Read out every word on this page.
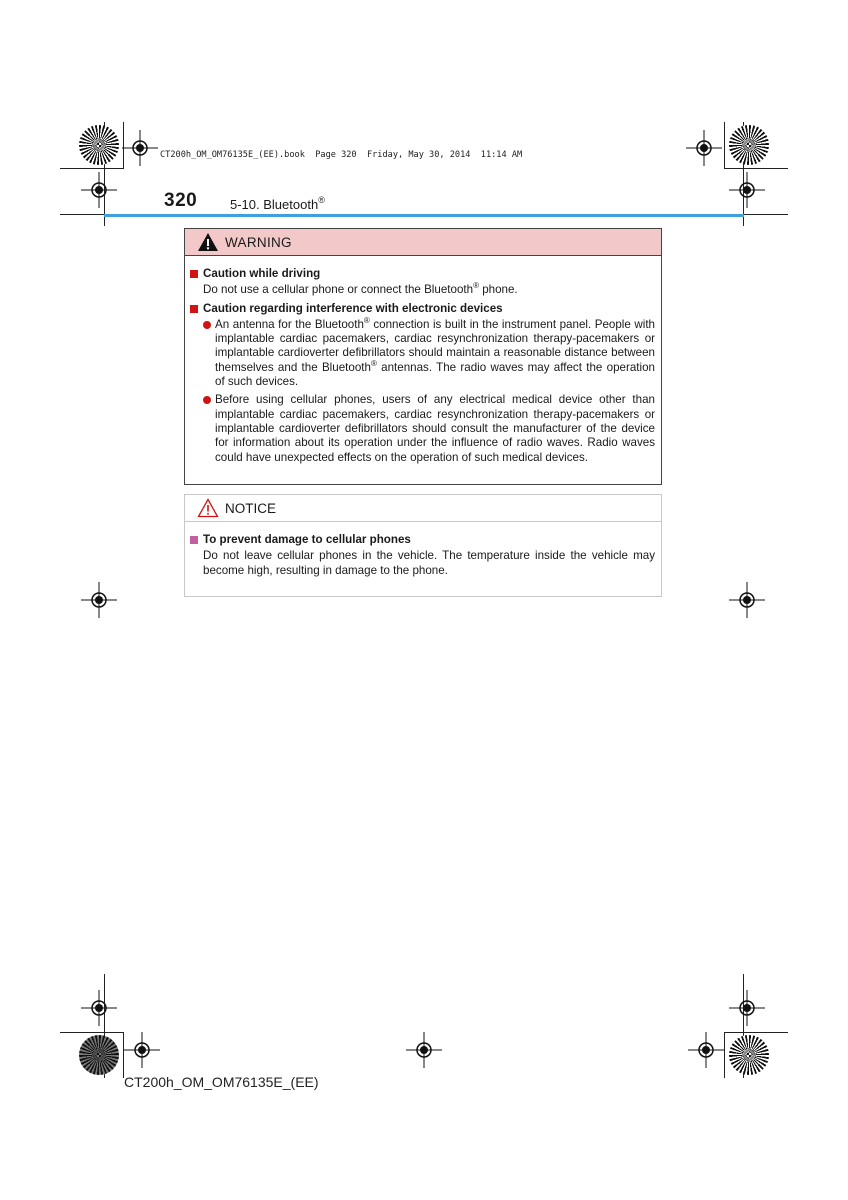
CT200h_OM_OM76135E_(EE).book  Page 320  Friday, May 30, 2014  11:14 AM
320	5-10. Bluetooth®
WARNING
Caution while driving
Do not use a cellular phone or connect the Bluetooth® phone.
Caution regarding interference with electronic devices
An antenna for the Bluetooth® connection is built in the instrument panel. People with implantable cardiac pacemakers, cardiac resynchronization therapy-pacemakers or implantable cardioverter defibrillators should maintain a reasonable distance between themselves and the Bluetooth® antennas. The radio waves may affect the operation of such devices.
Before using cellular phones, users of any electrical medical device other than implantable cardiac pacemakers, cardiac resynchronization therapy-pacemakers or implantable cardioverter defibrillators should consult the manufacturer of the device for information about its operation under the influence of radio waves. Radio waves could have unexpected effects on the operation of such medical devices.
NOTICE
To prevent damage to cellular phones
Do not leave cellular phones in the vehicle. The temperature inside the vehicle may become high, resulting in damage to the phone.
CT200h_OM_OM76135E_(EE)
